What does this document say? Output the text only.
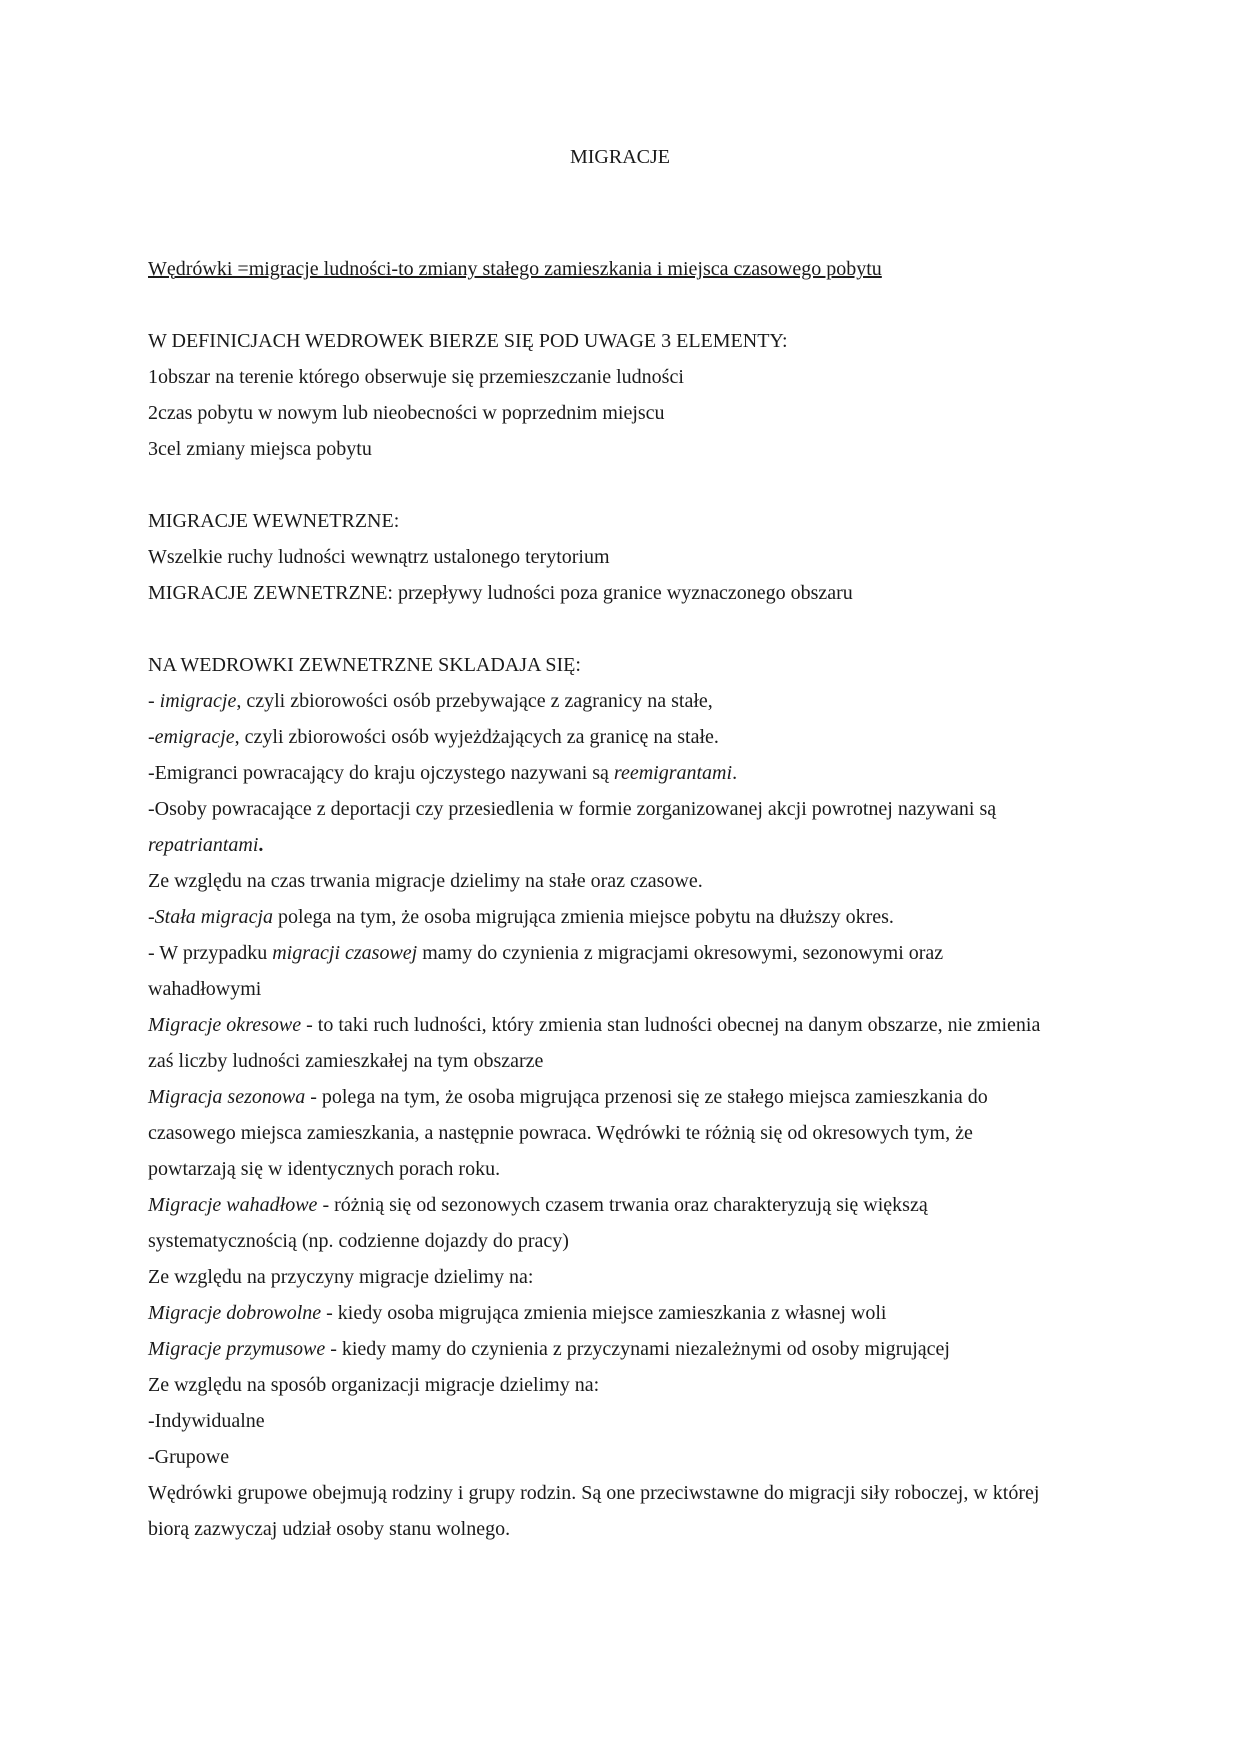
MIGRACJE
Wędrówki =migracje ludności-to zmiany stałego zamieszkania i miejsca czasowego pobytu
W DEFINICJACH WEDROWEK BIERZE SIĘ POD UWAGE 3 ELEMENTY:
1obszar na terenie którego obserwuje się przemieszczanie ludności
2czas pobytu w nowym lub nieobecności w poprzednim miejscu
3cel zmiany miejsca pobytu
MIGRACJE WEWNETRZNE:
Wszelkie ruchy ludności wewnątrz ustalonego terytorium
MIGRACJE ZEWNETRZNE: przepływy ludności poza granice wyznaczonego obszaru
NA WEDROWKI ZEWNETRZNE SKLADAJA SIĘ:
- imigracje, czyli zbiorowości osób przebywające z zagranicy na stałe,
-emigracje, czyli zbiorowości osób wyjeżdżających za granicę na stałe.
-Emigranci powracający do kraju ojczystego nazywani są reemigrantami.
-Osoby powracające z deportacji czy przesiedlenia w formie zorganizowanej akcji powrotnej nazywani są
repatriantami.
Ze względu na czas trwania migracje dzielimy na stałe oraz czasowe.
-Stała migracja polega na tym, że osoba migrująca zmienia miejsce pobytu na dłuższy okres.
- W przypadku migracji czasowej mamy do czynienia z migracjami okresowymi, sezonowymi oraz
wahadłowymi
Migracje okresowe - to taki ruch ludności, który zmienia stan ludności obecnej na danym obszarze, nie zmienia
zaś liczby ludności zamieszkałej na tym obszarze
Migracja sezonowa - polega na tym, że osoba migrująca przenosi się ze stałego miejsca zamieszkania do
czasowego miejsca zamieszkania, a następnie powraca. Wędrówki te różnią się od okresowych tym, że
powtarzają się w identycznych porach roku.
Migracje wahadłowe - różnią się od sezonowych czasem trwania oraz charakteryzują się większą
systematycznością (np. codzienne dojazdy do pracy)
Ze względu na przyczyny migracje dzielimy na:
Migracje dobrowolne - kiedy osoba migrująca zmienia miejsce zamieszkania z własnej woli
Migracje przymusowe - kiedy mamy do czynienia z przyczynami niezależnymi od osoby migrującej
Ze względu na sposób organizacji migracje dzielimy na:
-Indywidualne
-Grupowe
Wędrówki grupowe obejmują rodziny i grupy rodzin. Są one przeciwstawne do migracji siły roboczej, w której
biorą zazwyczaj udział osoby stanu wolnego.
